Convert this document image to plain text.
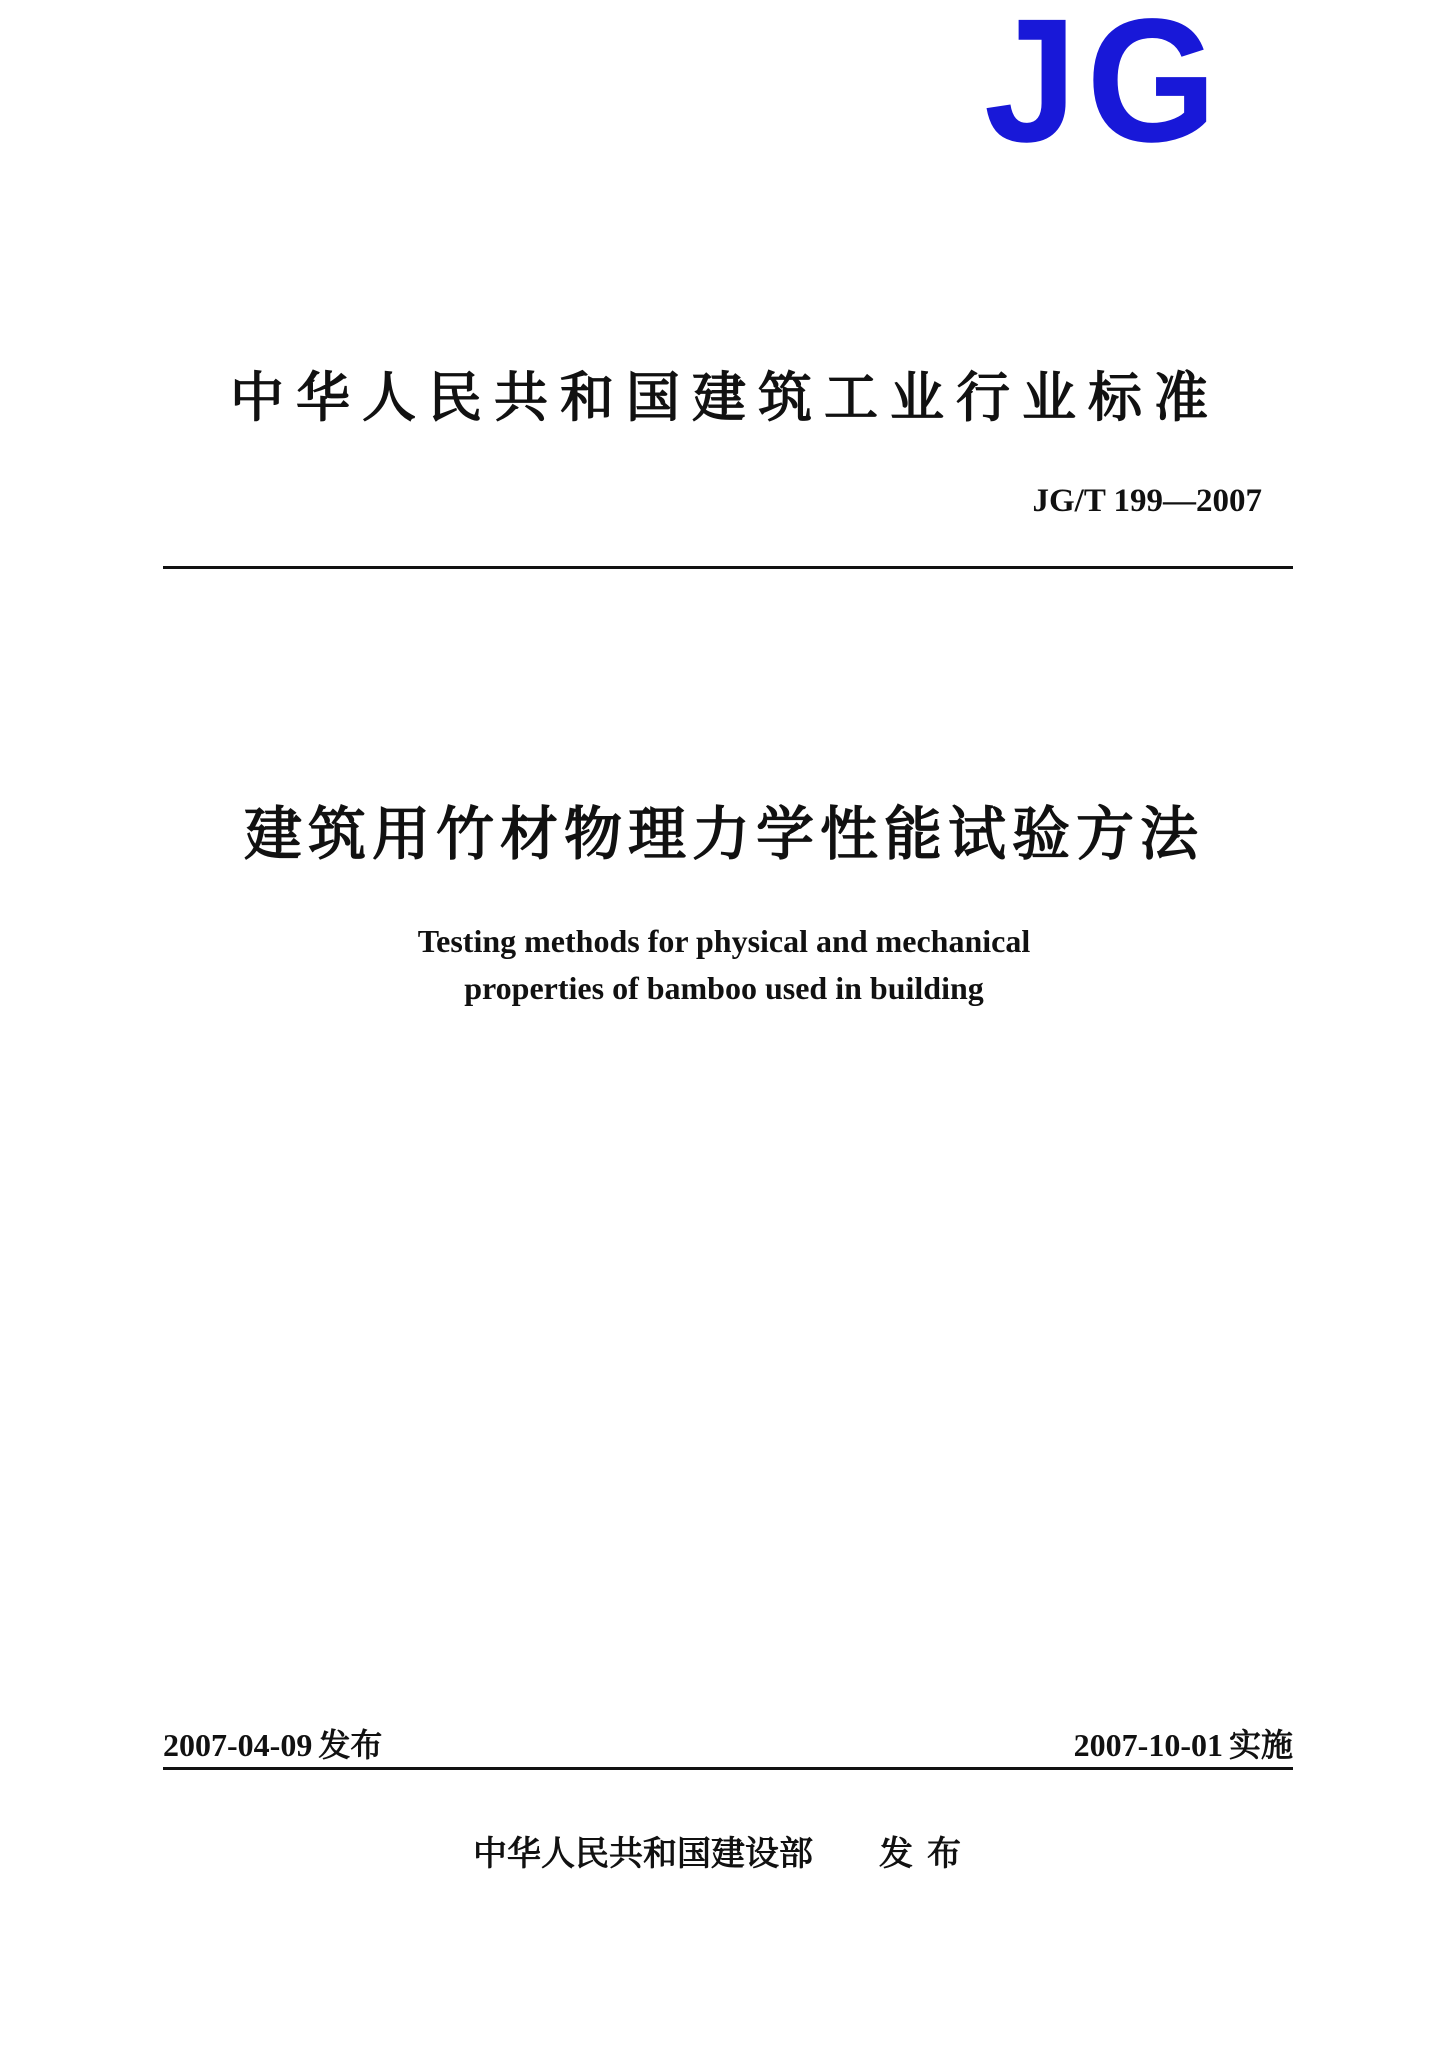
JG
中华人民共和国建筑工业行业标准
JG/T 199—2007
建筑用竹材物理力学性能试验方法
Testing methods for physical and mechanical
properties of bamboo used in building
2007-04-09 发布	2007-10-01 实施
中华人民共和国建设部 发布
